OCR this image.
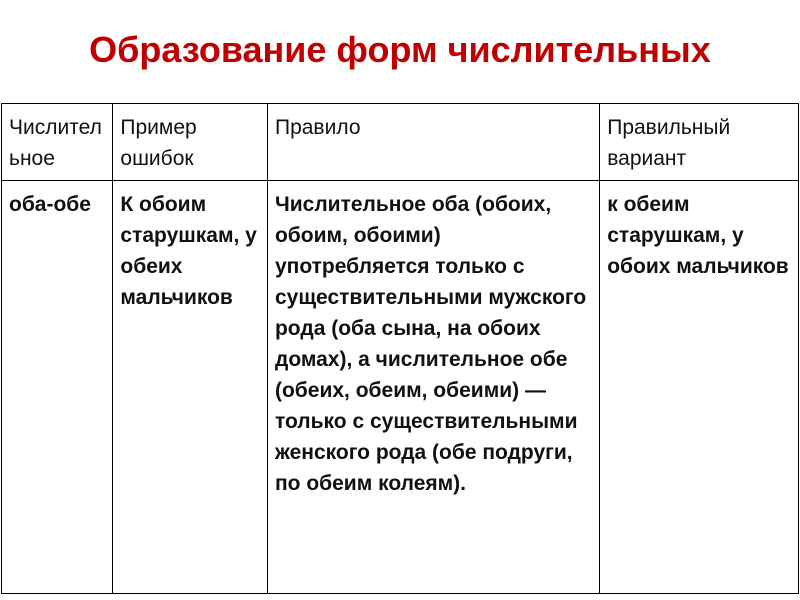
Образование форм числительных
Числительное	Пример ошибок	Правило	Правильный вариант
оба-обе	К обоим старушкам, у обеих мальчиков	Числительное оба (обоих, обоим, обоими) употребляется только с существительными мужского рода (оба сына, на обоих домах), а числительное обе (обеих, обеим, обеими) — только с существительными женского рода (обе подруги, по обеим колеям).	к обеим старушкам, у обоих мальчиков
